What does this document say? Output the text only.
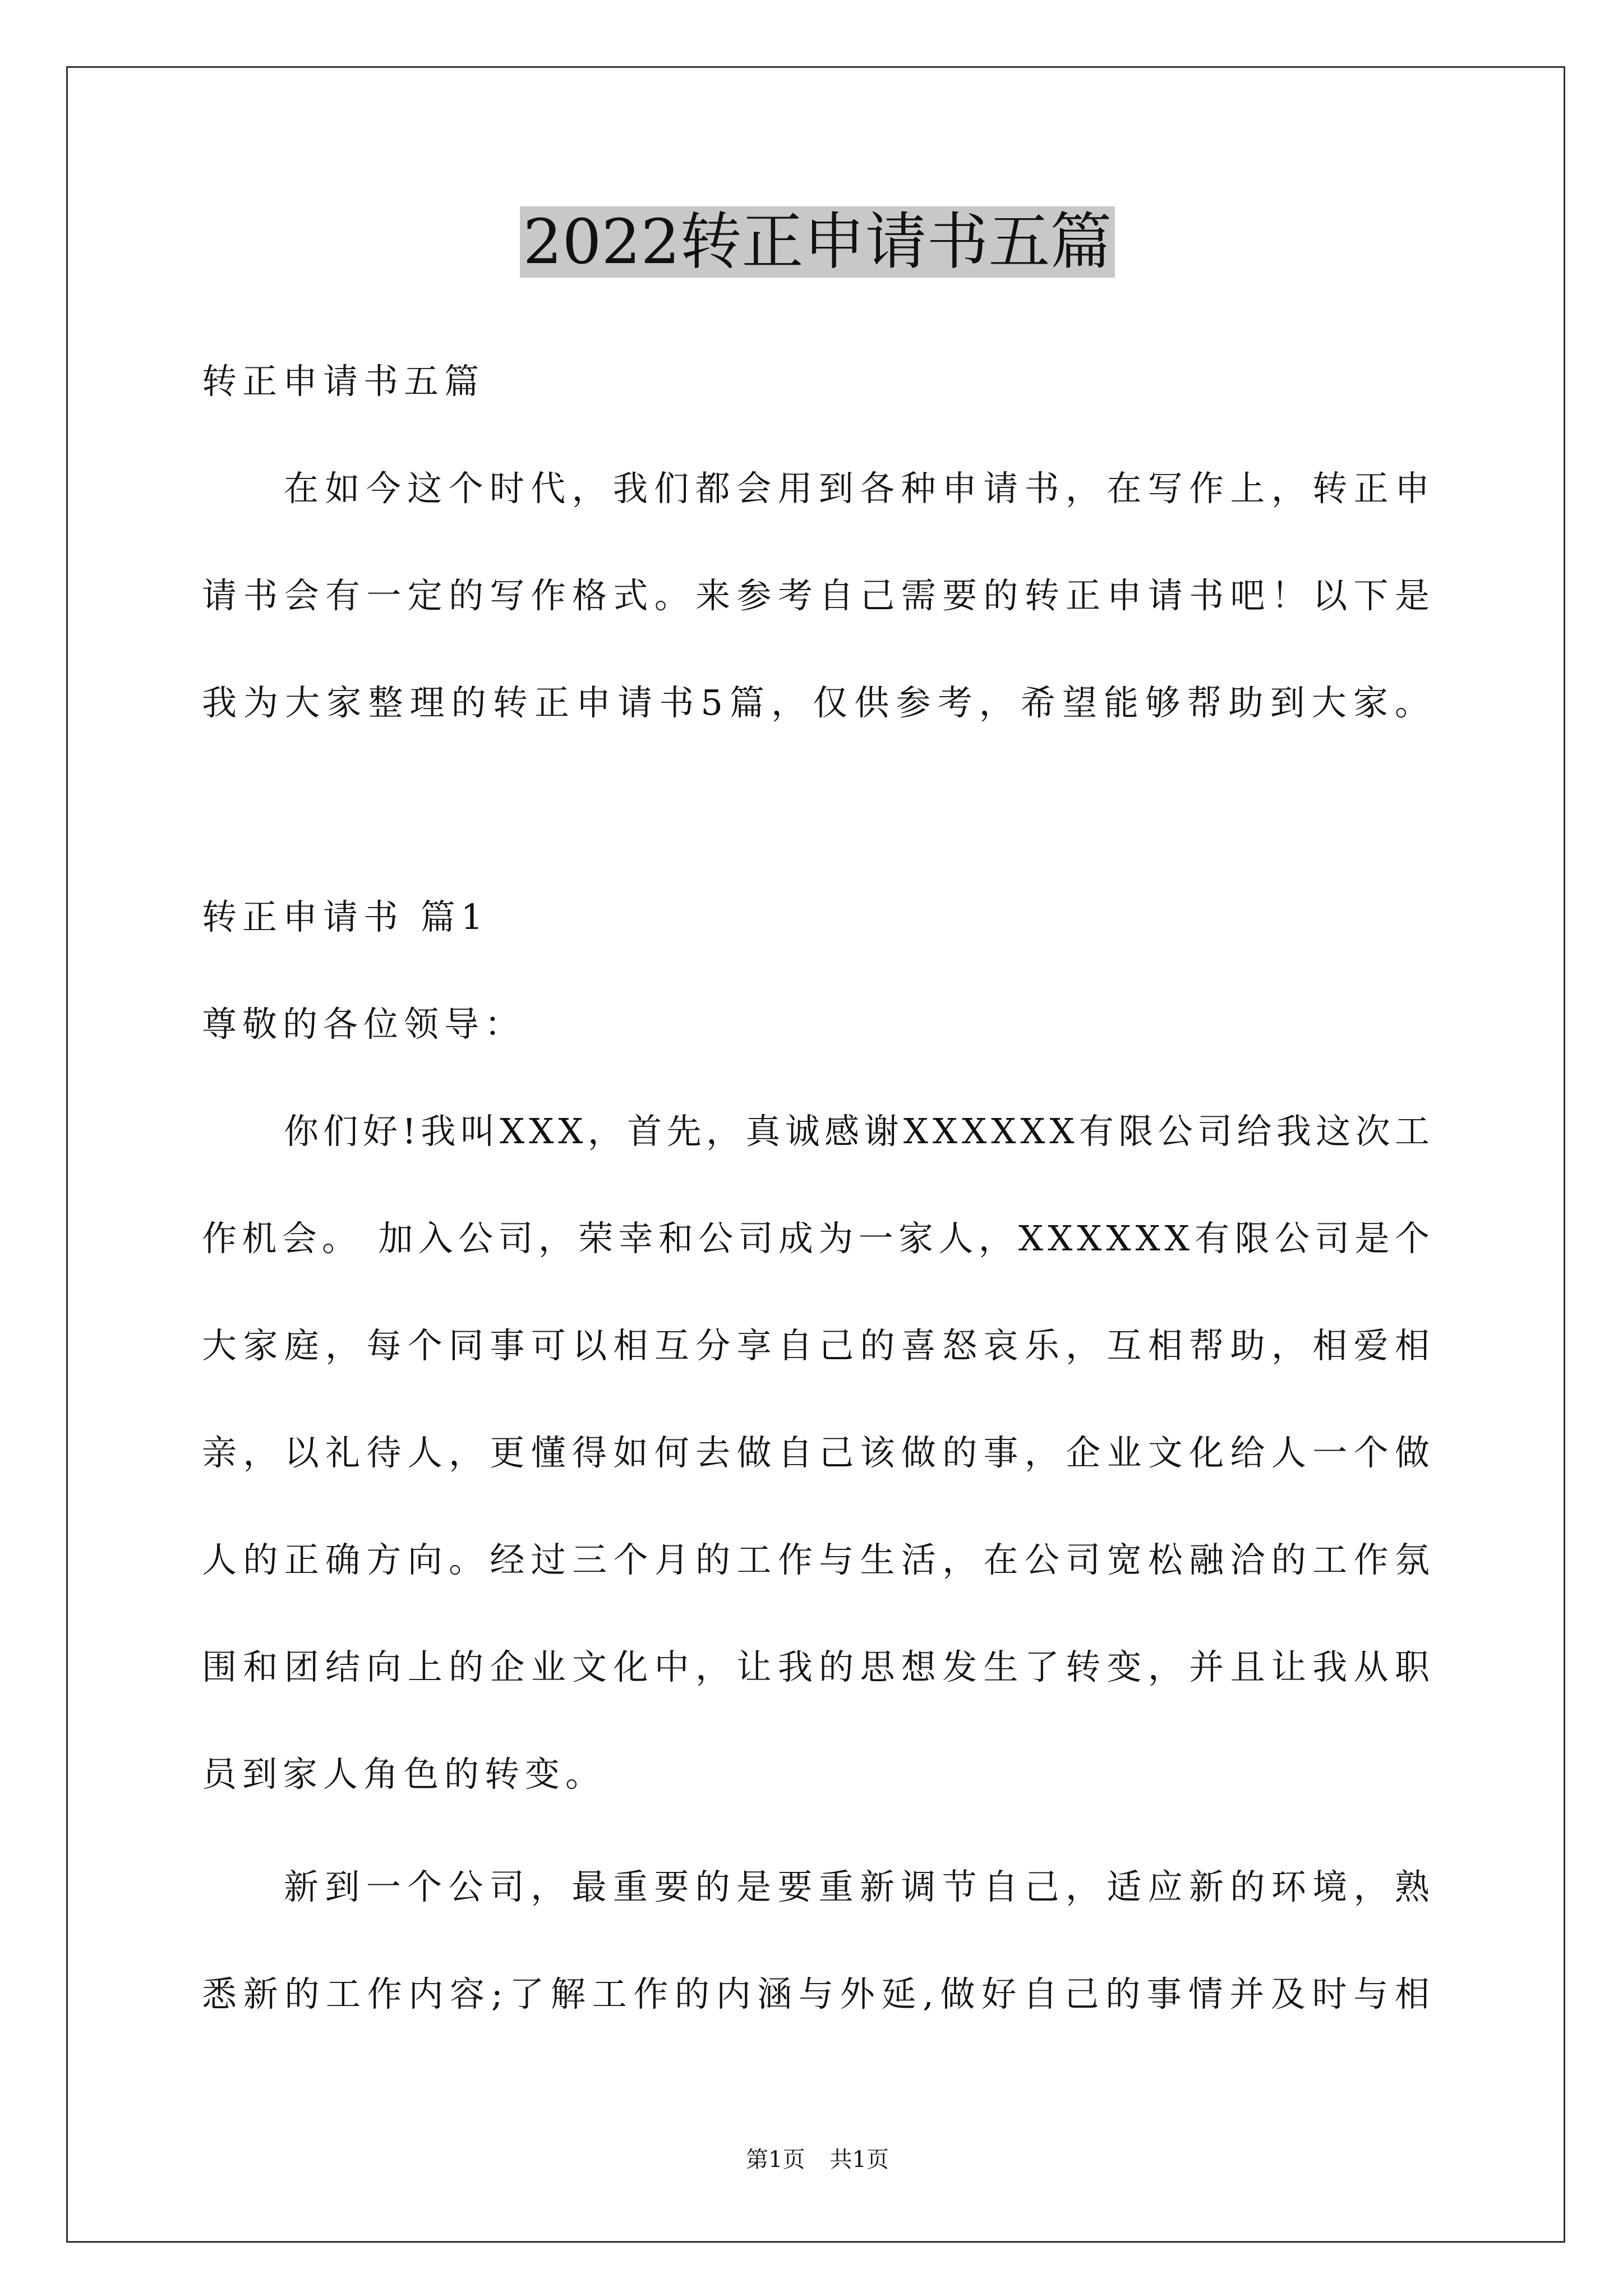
2022转正申请书五篇
转正申请书五篇
在如今这个时代，我们都会用到各种申请书，在写作上，转正申
请书会有一定的写作格式。来参考自己需要的转正申请书吧！以下是
我为大家整理的转正申请书5篇，仅供参考，希望能够帮助到大家。
转正申请书 篇1
尊敬的各位领导：
你们好!我叫XXX，首先，真诚感谢XXXXXX有限公司给我这次工
作机会。 加入公司，荣幸和公司成为一家人，XXXXXX有限公司是个
大家庭，每个同事可以相互分享自己的喜怒哀乐，互相帮助，相爱相
亲，以礼待人，更懂得如何去做自己该做的事，企业文化给人一个做
人的正确方向。经过三个月的工作与生活，在公司宽松融洽的工作氛
围和团结向上的企业文化中，让我的思想发生了转变，并且让我从职
员到家人角色的转变。
新到一个公司，最重要的是要重新调节自己，适应新的环境，熟
悉新的工作内容;了解工作的内涵与外延,做好自己的事情并及时与相
第1页 共1页
